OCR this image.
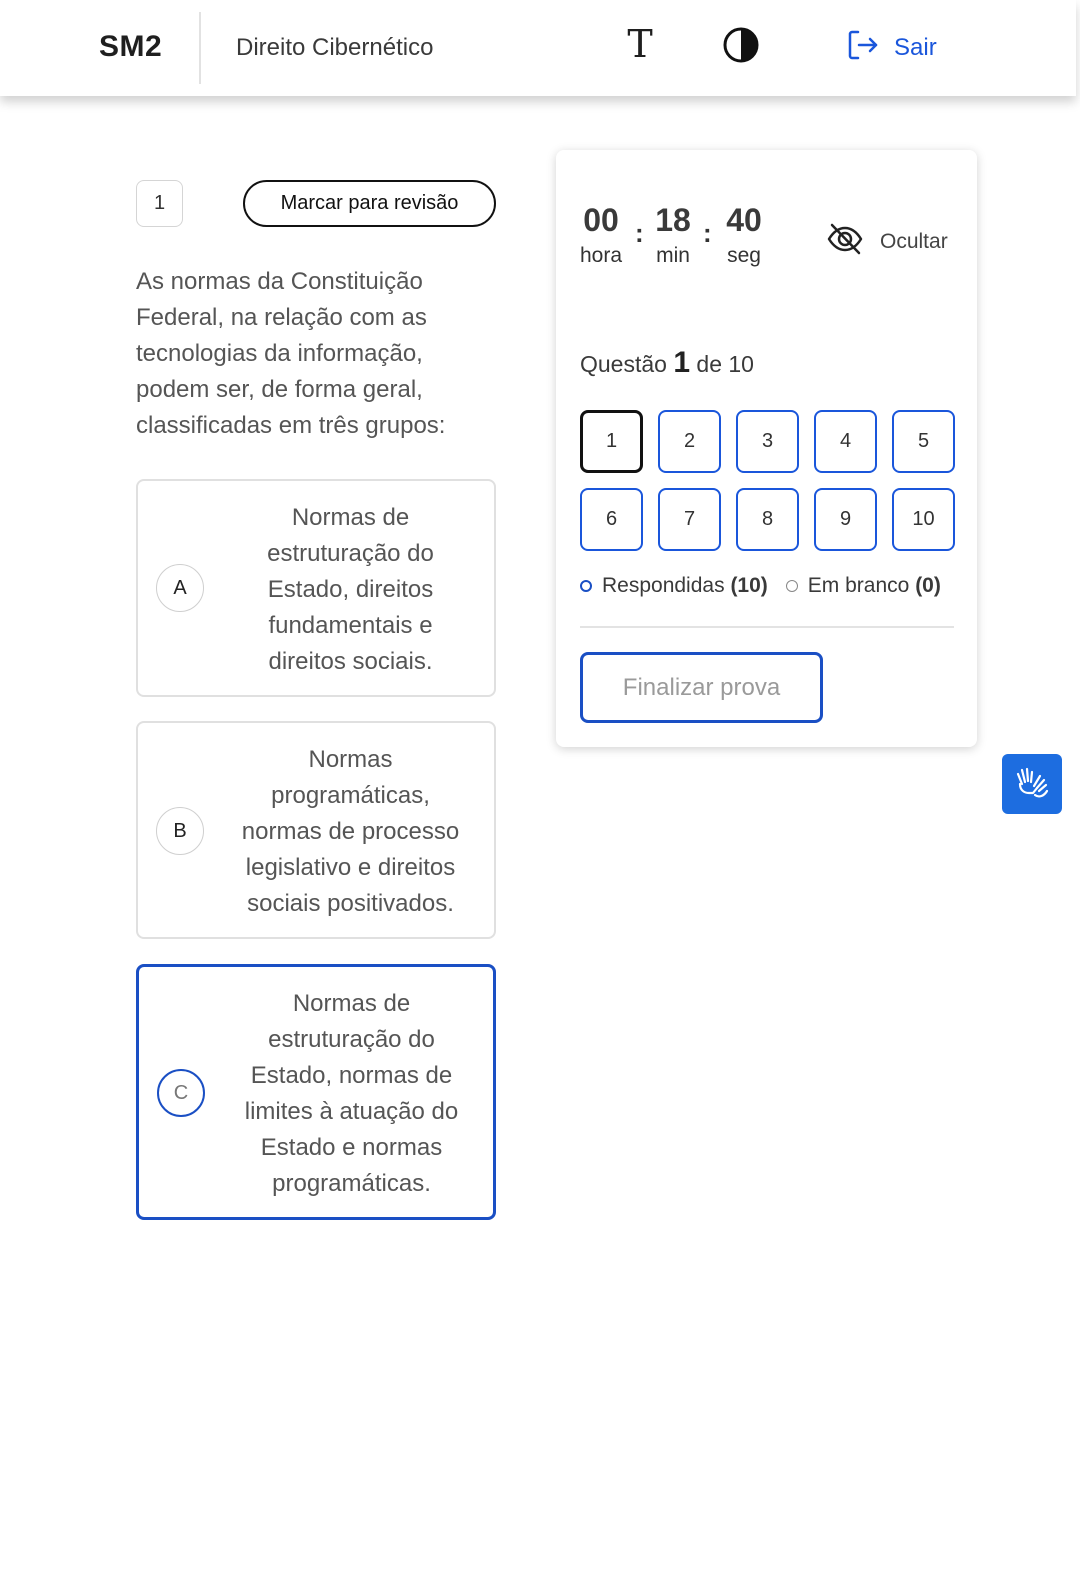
SM2	Direito Cibernético	T	Sair
1	Marcar para revisão
As normas da Constituição Federal, na relação com as tecnologias da informação, podem ser, de forma geral, classificadas em três grupos:
A
Normas de
estruturação do
Estado, direitos
fundamentais e
direitos sociais.
B
Normas
programáticas,
normas de processo
legislativo e direitos
sociais positivados.
C
Normas de
estruturação do
Estado, normas de
limites à atuação do
Estado e normas
programáticas.
00
hora
: 18
min
: 40
seg
Ocultar
Questão 1 de 10
1	2	3	4	5
6	7	8	9	10
Respondidas
(10) Em branco
(0)
Finalizar prova
